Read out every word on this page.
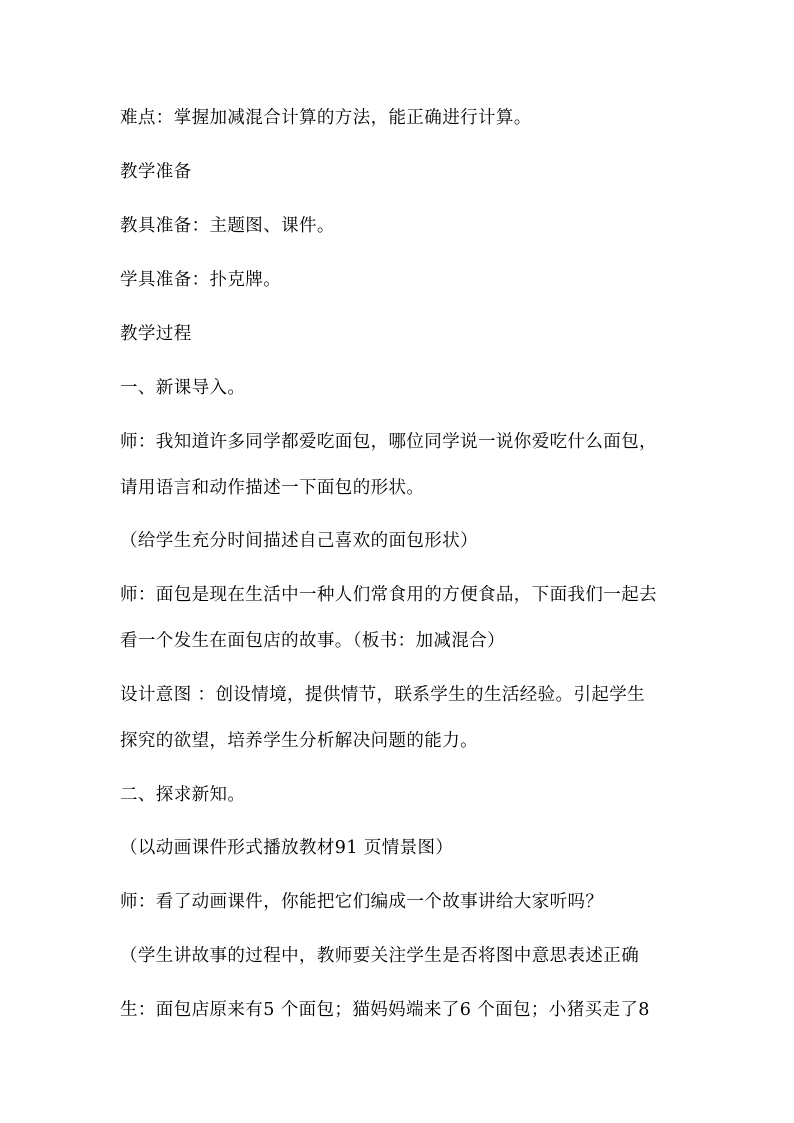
难点：掌握加减混合计算的方法，能正确进行计算。
教学准备
教具准备：主题图、课件。
学具准备：扑克牌。
教学过程
一、新课导入。
师：我知道许多同学都爱吃面包，哪位同学说一说你爱吃什么面包，
请用语言和动作描述一下面包的形状。
（给学生充分时间描述自己喜欢的面包形状）
师：面包是现在生活中一种人们常食用的方便食品，下面我们一起去
看一个发生在面包店的故事。（板书：加减混合）
设计意图 ：创设情境，提供情节，联系学生的生活经验。引起学生
探究的欲望，培养学生分析解决问题的能力。
二、探求新知。
（以动画课件形式播放教材91 页情景图）
师：看了动画课件，你能把它们编成一个故事讲给大家听吗？
（学生讲故事的过程中，教师要关注学生是否将图中意思表述正确
生：面包店原来有5 个面包；猫妈妈端来了6 个面包；小猪买走了8
